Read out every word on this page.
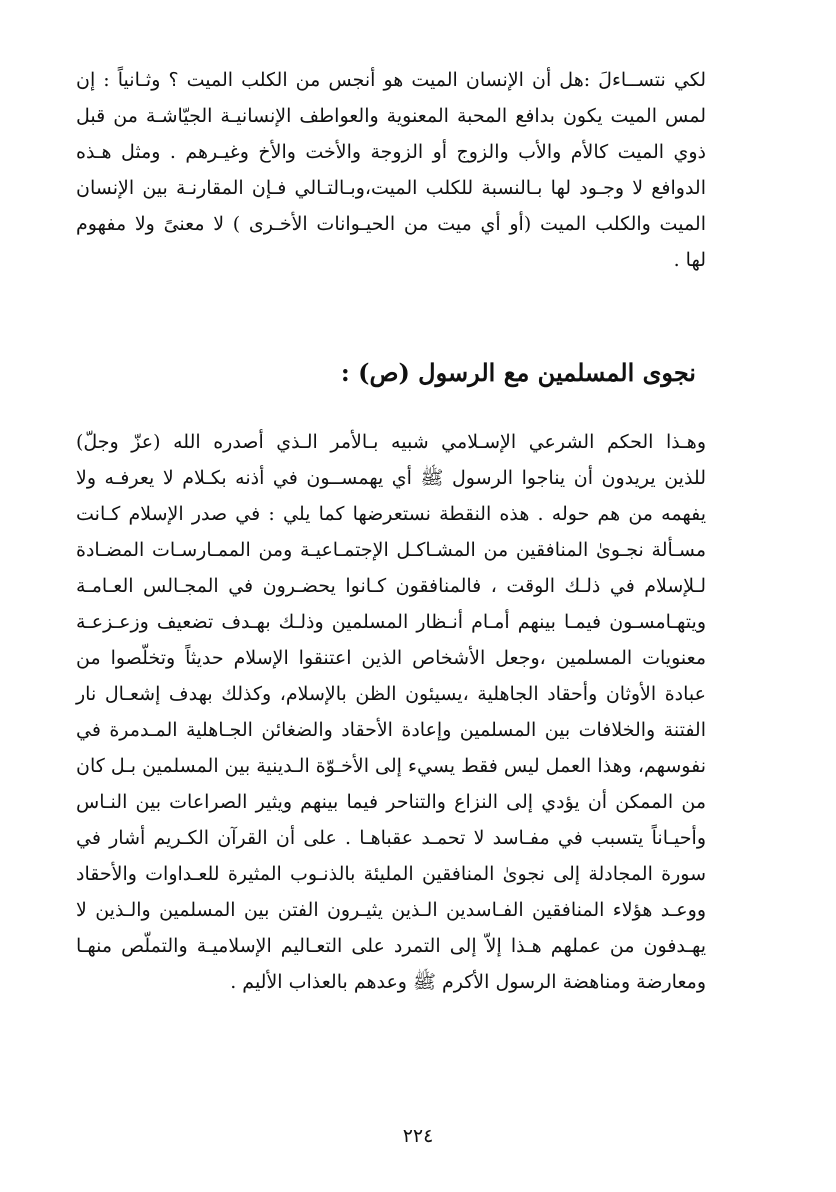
لكي نتســاءلَ :هل أن الإنسان الميت هو أنجس من الكلب الميت ؟ وثـانياً : إن
لمس الميت يكون بدافع المحبة المعنوية والعواطف الإنسانيـة الجيّاشـة من قبل
ذوي الميت كالأم والأب والزوج أو الزوجة والأخت والأخ وغيـرهم . ومثل هـذه
الدوافع لا وجـود لها بـالنسبة للكلب الميت،وبـالتـالي فـإن المقارنـة بين الإنسان
الميت والكلب الميت (أو أي ميت من الحيـوانات الأخـرى ) لا معنىً ولا مفهوم
لها .
نجوى المسلمين مع الرسول (ص) :
وهـذا الحكم الشرعي الإسـلامي شبيه بـالأمر الـذي أصدره الله (عزّ وجلّ)
للذين يريدون أن يناجوا الرسول ﷺ أي يهمســون في أذنه بكـلام لا يعرفـه ولا
يفهمه من هم حوله . هذه النقطة نستعرضها كما يلي : في صدر الإسلام كـانت
مسـألة نجـوىٰ المنافقين من المشـاكـل الإجتمـاعيـة ومن الممـارسـات المضـادة
لـلإسلام في ذلـك الوقت ، فالمنافقون كـانوا يحضـرون في المجـالس العـامـة
ويتهـامسـون فيمـا بينهم أمـام أنـظار المسلمين وذلـك بهـدف تضعيف وزعـزعـة
معنويات المسلمين ،وجعل الأشخاص الذين اعتنقوا الإسلام حديثاً وتخلّصوا من
عبادة الأوثان وأحقاد الجاهلية ،يسيئون الظن بالإسلام، وكذلك بهدف إشعـال نار
الفتنة والخلافات بين المسلمين وإعادة الأحقاد والضغائن الجـاهلية المـدمرة في
نفوسهم، وهذا العمل ليس فقط يسيء إلى الأخـوّة الـدينية بين المسلمين بـل كان
من الممكن أن يؤدي إلى النزاع والتناحر فيما بينهم ويثير الصراعات بين النـاس
وأحيـاناً يتسبب في مفـاسد لا تحمـد عقباهـا . على أن القرآن الكـريم أشار في
سورة المجادلة إلى نجوىٰ المنافقين المليئة بالذنـوب المثيرة للعـداوات والأحقاد
ووعـد هؤلاء المنافقين الفـاسدين الـذين يثيـرون الفتن بين المسلمين والـذين لا
يهـدفون من عملهم هـذا إلاّ إلى التمرد على التعـاليم الإسلاميـة والتملّص منهـا
ومعارضة ومناهضة الرسول الأكرم ﷺ وعدهم بالعذاب الأليم .
٢٢٤
